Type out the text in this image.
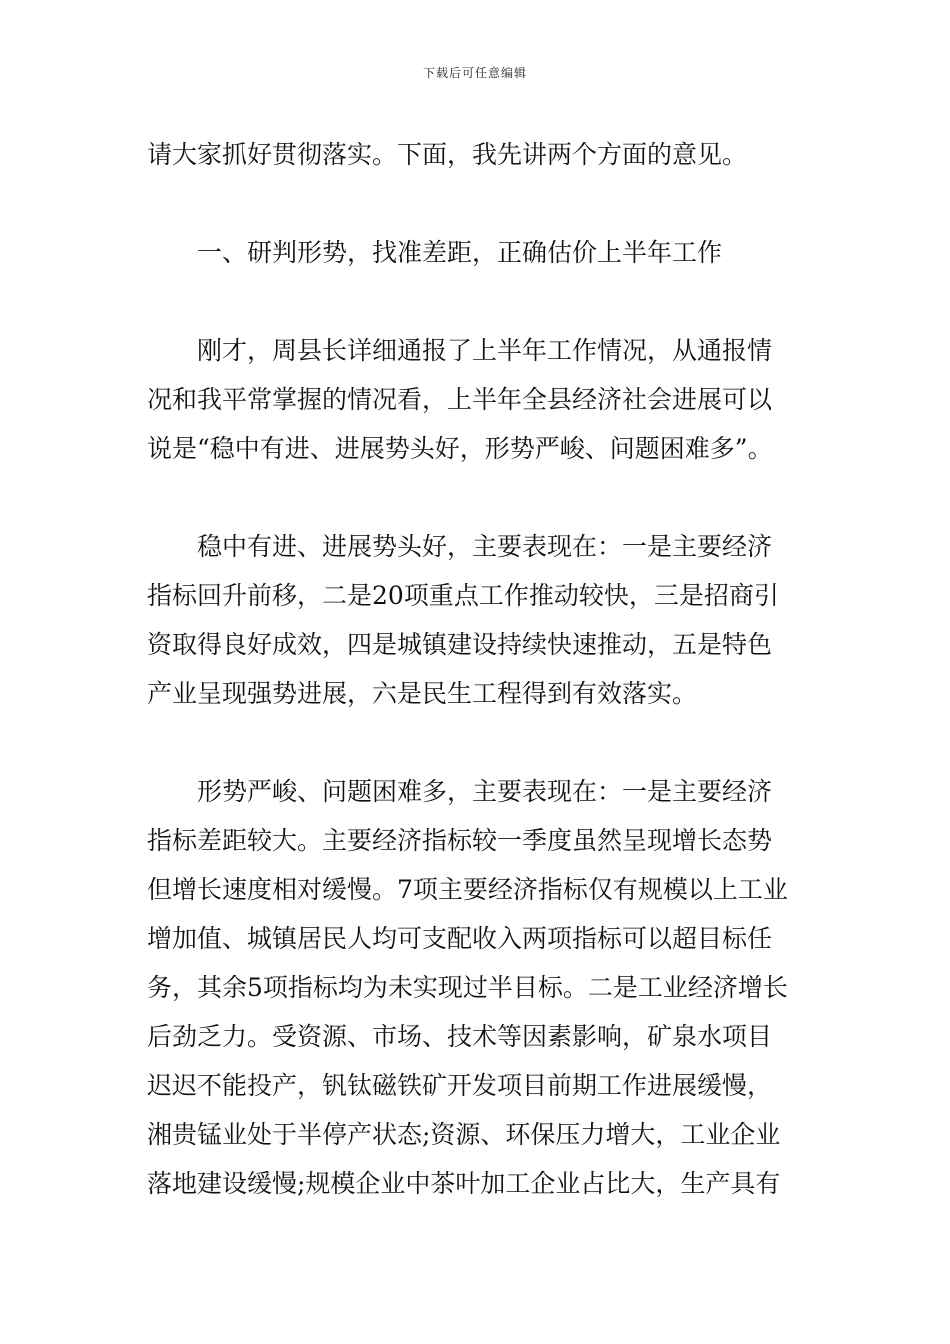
下载后可任意编辑
请大家抓好贯彻落实。下面，我先讲两个方面的意见。
一、研判形势，找准差距，正确估价上半年工作
刚才，周县长详细通报了上半年工作情况，从通报情
况和我平常掌握的情况看，上半年全县经济社会进展可以
说是“稳中有进、进展势头好，形势严峻、问题困难多”。
稳中有进、进展势头好，主要表现在：一是主要经济
指标回升前移，二是20项重点工作推动较快，三是招商引
资取得良好成效，四是城镇建设持续快速推动，五是特色
产业呈现强势进展，六是民生工程得到有效落实。
形势严峻、问题困难多，主要表现在：一是主要经济
指标差距较大。主要经济指标较一季度虽然呈现增长态势
但增长速度相对缓慢。7项主要经济指标仅有规模以上工业
增加值、城镇居民人均可支配收入两项指标可以超目标任
务，其余5项指标均为未实现过半目标。二是工业经济增长
后劲乏力。受资源、市场、技术等因素影响，矿泉水项目
迟迟不能投产，钒钛磁铁矿开发项目前期工作进展缓慢，
湘贵锰业处于半停产状态;资源、环保压力增大，工业企业
落地建设缓慢;规模企业中茶叶加工企业占比大，生产具有
